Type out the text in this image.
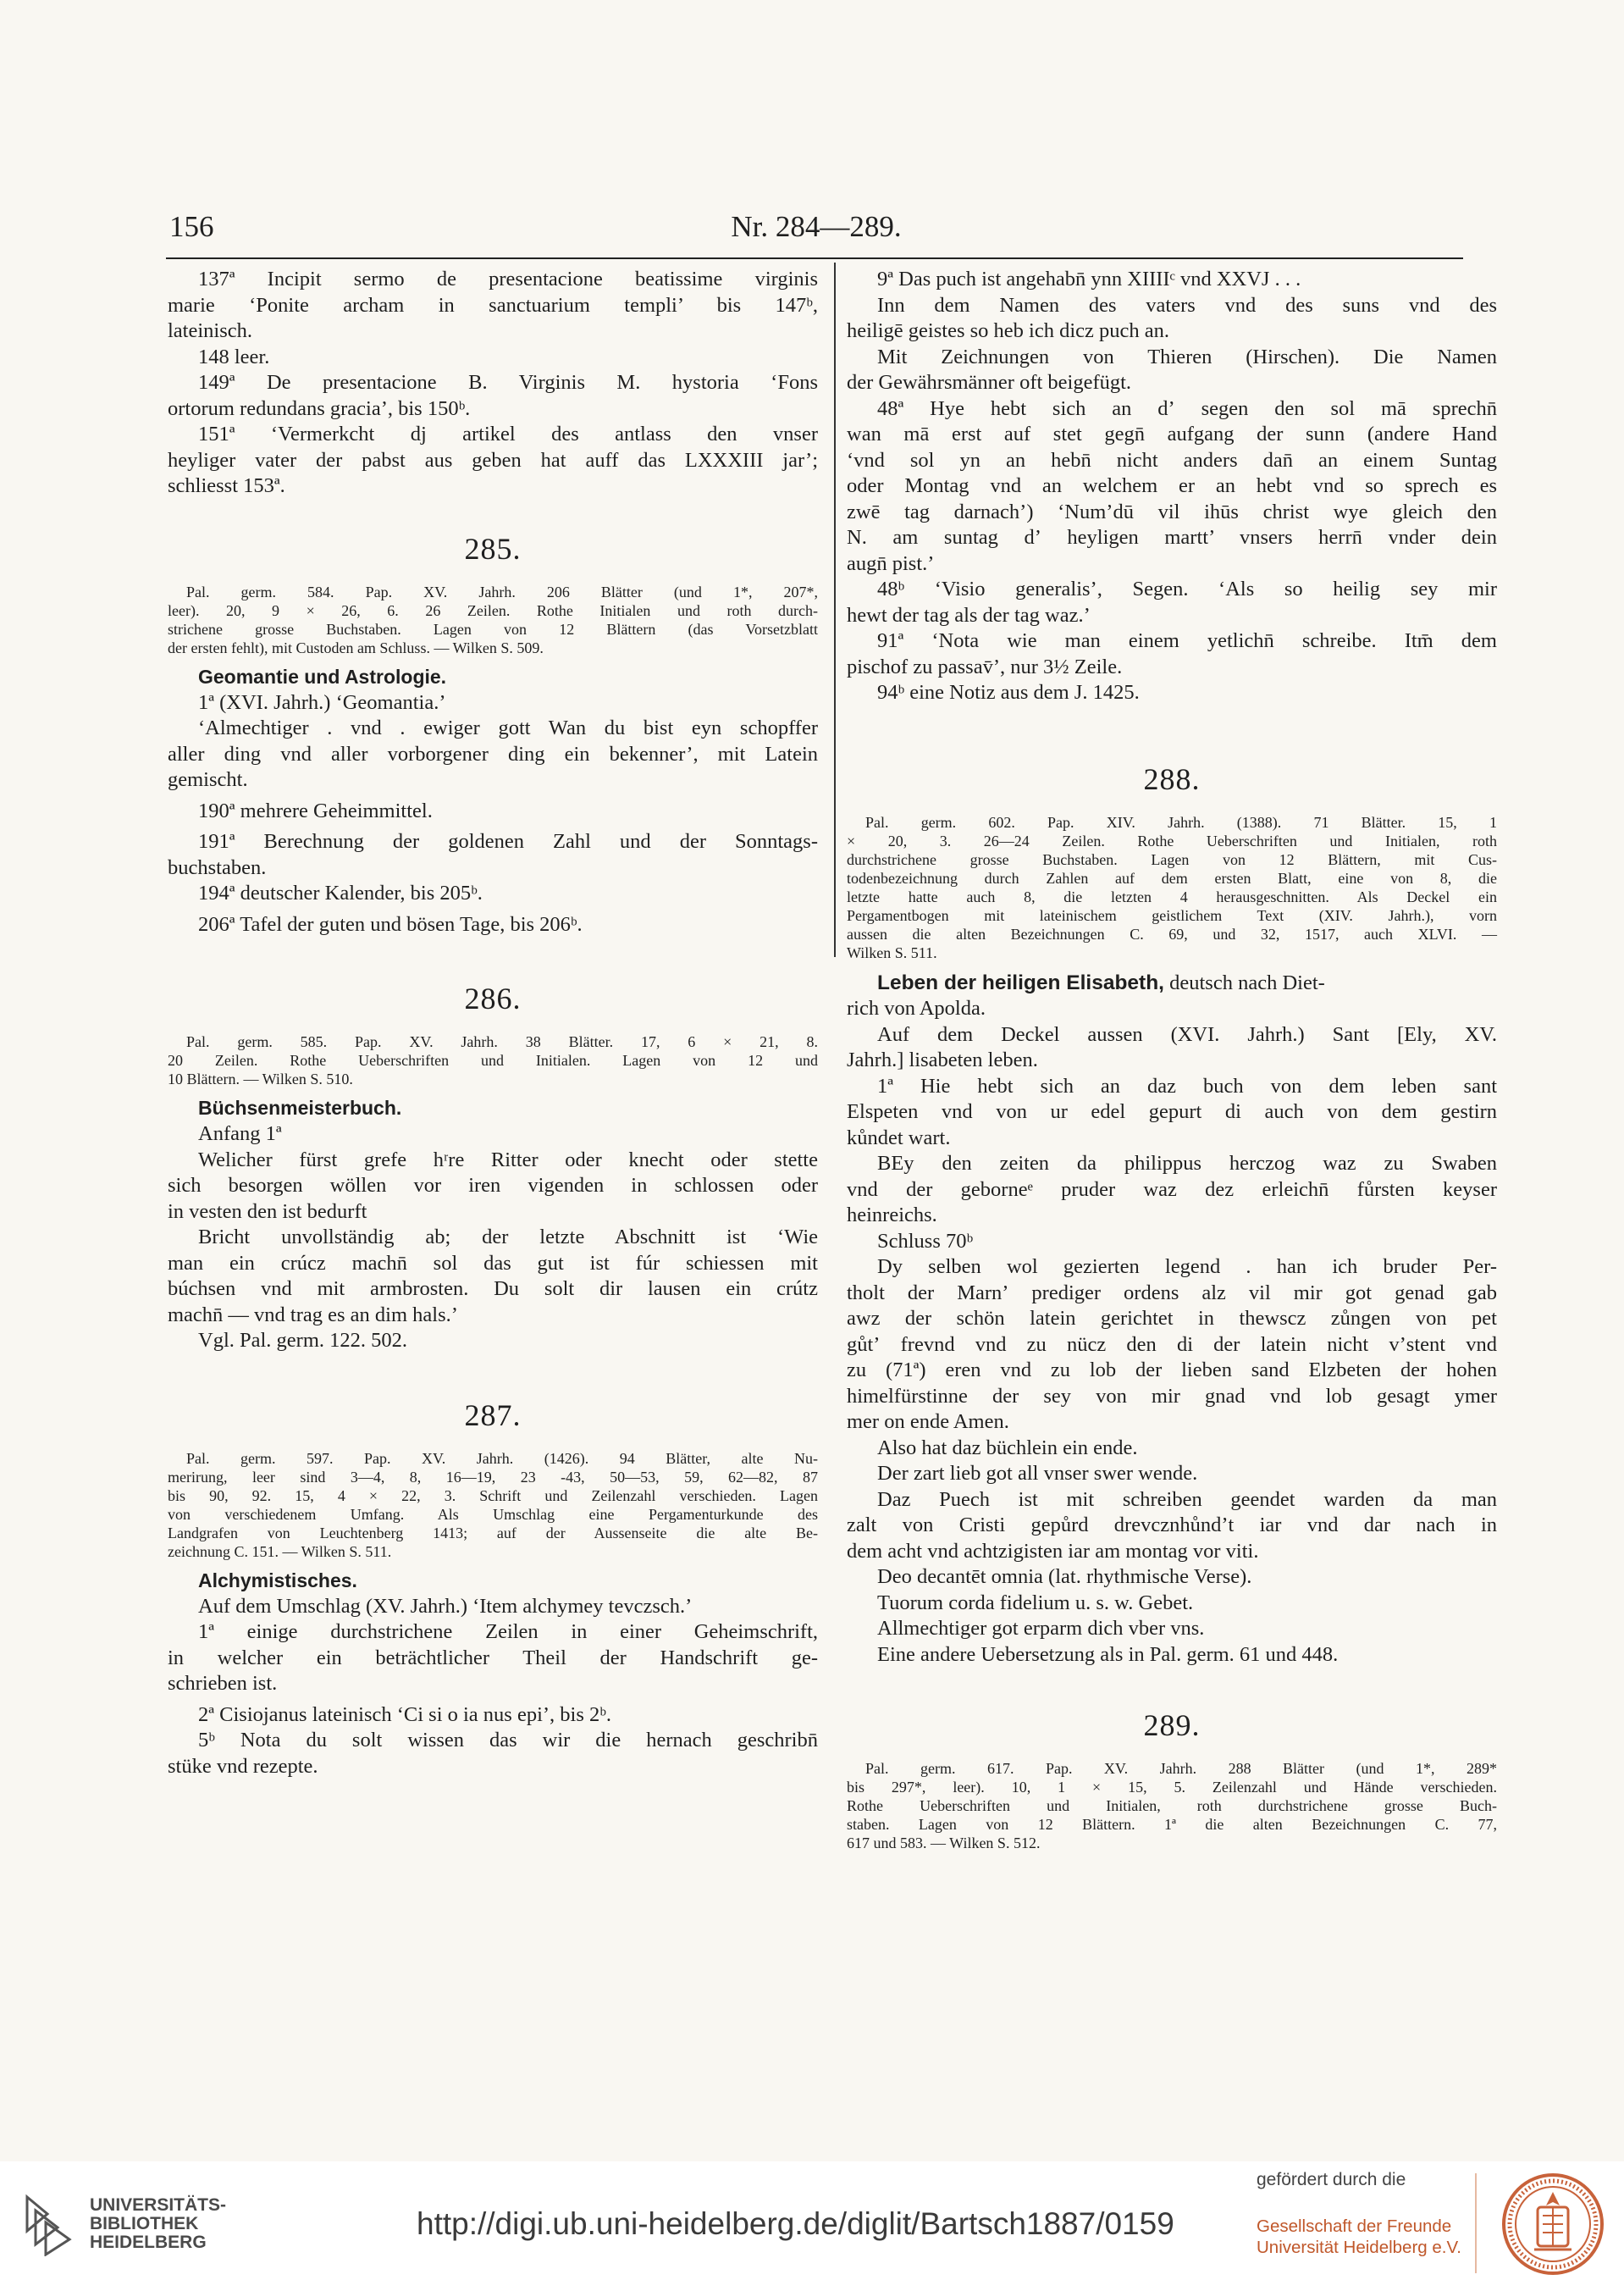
156	Nr. 284—289.
137ª Incipit sermo de presentacione beatissime virginis
marie ‘Ponite archam in sanctuarium templi’ bis 147ᵇ,
lateinisch.
148 leer.
149ª De presentacione B. Virginis M. hystoria ‘Fons
ortorum redundans gracia’, bis 150ᵇ.
151ª ‘Vermerkcht dj artikel des antlass den vnser
heyliger vater der pabst aus geben hat auff das LXXXIII jar’;
schliesst 153ª.
285.
Pal. germ. 584. Pap. XV. Jahrh. 206 Blätter (und 1*, 207*,
leer). 20, 9 × 26, 6. 26 Zeilen. Rothe Initialen und roth durch-
strichene grosse Buchstaben. Lagen von 12 Blättern (das Vorsetzblatt
der ersten fehlt), mit Custoden am Schluss. — Wilken S. 509.
Geomantie und Astrologie.
1ª (XVI. Jahrh.) ‘Geomantia.’
‘Almechtiger . vnd . ewiger gott Wan du bist eyn schopffer
aller ding vnd aller vorborgener ding ein bekenner’, mit Latein
gemischt.
190ª mehrere Geheimmittel.
191ª Berechnung der goldenen Zahl und der Sonntags-
buchstaben.
194ª deutscher Kalender, bis 205ᵇ.
206ª Tafel der guten und bösen Tage, bis 206ᵇ.
286.
Pal. germ. 585. Pap. XV. Jahrh. 38 Blätter. 17, 6 × 21, 8.
20 Zeilen. Rothe Ueberschriften und Initialen. Lagen von 12 und
10 Blättern. — Wilken S. 510.
Büchsenmeisterbuch.
Anfang 1ª
Welicher fürst grefe hʳre Ritter oder knecht oder stette
sich besorgen wöllen vor iren vigenden in schlossen oder
in vesten den ist bedurft
Bricht unvollständig ab; der letzte Abschnitt ist ‘Wie
man ein crúcz machn̄ sol das gut ist fúr schiessen mit
búchsen vnd mit armbrosten. Du solt dir lausen ein crútz
machn̄ — vnd trag es an dim hals.’
Vgl. Pal. germ. 122. 502.
287.
Pal. germ. 597. Pap. XV. Jahrh. (1426). 94 Blätter, alte Nu-
merirung, leer sind 3—4, 8, 16—19, 23 -43, 50—53, 59, 62—82, 87
bis 90, 92. 15, 4 × 22, 3. Schrift und Zeilenzahl verschieden. Lagen
von verschiedenem Umfang. Als Umschlag eine Pergamenturkunde des
Landgrafen von Leuchtenberg 1413; auf der Aussenseite die alte Be-
zeichnung C. 151. — Wilken S. 511.
Alchymistisches.
Auf dem Umschlag (XV. Jahrh.) ‘Item alchymey tevczsch.’
1ª einige durchstrichene Zeilen in einer Geheimschrift,
in welcher ein beträchtlicher Theil der Handschrift ge-
schrieben ist.
2ª Cisiojanus lateinisch ‘Ci si o ia nus epi’, bis 2ᵇ.
5ᵇ Nota du solt wissen das wir die hernach geschribn̄
stüke vnd rezepte.
9ª Das puch ist angehabn̄ ynn XIIIIᶜ vnd XXVJ . . .
Inn dem Namen des vaters vnd des suns vnd des
heiligē geistes so heb ich dicz puch an.
Mit Zeichnungen von Thieren (Hirschen). Die Namen
der Gewährsmänner oft beigefügt.
48ª Hye hebt sich an dʼ segen den sol mā sprechn̄
wan mā erst auf stet gegn̄ aufgang der sunn (andere Hand
‘vnd sol yn an hebn̄ nicht anders dan̄ an einem Suntag
oder Montag vnd an welchem er an hebt vnd so sprech es
zwē tag darnach’) ‘Num’dū vil ihūs christ wye gleich den
N. am suntag dʼ heyligen martt’ vnsers herrn̄ vnder dein
augn̄ pist.’
48ᵇ ‘Visio generalis’, Segen. ‘Als so heilig sey mir
hewt der tag als der tag waz.’
91ª ‘Nota wie man einem yetlichn̄ schreibe. Itm̄ dem
pischof zu passav̄’, nur 3½ Zeile.
94ᵇ eine Notiz aus dem J. 1425.
288.
Pal. germ. 602. Pap. XIV. Jahrh. (1388). 71 Blätter. 15, 1
× 20, 3. 26—24 Zeilen. Rothe Ueberschriften und Initialen, roth
durchstrichene grosse Buchstaben. Lagen von 12 Blättern, mit Cus-
todenbezeichnung durch Zahlen auf dem ersten Blatt, eine von 8, die
letzte hatte auch 8, die letzten 4 herausgeschnitten. Als Deckel ein
Pergamentbogen mit lateinischem geistlichem Text (XIV. Jahrh.), vorn
aussen die alten Bezeichnungen C. 69, und 32, 1517, auch XLVI. —
Wilken S. 511.
Leben der heiligen Elisabeth, deutsch nach Diet-
rich von Apolda.
Auf dem Deckel aussen (XVI. Jahrh.) Sant [Ely, XV.
Jahrh.] lisabeten leben.
1ª Hie hebt sich an daz buch von dem leben sant
Elspeten vnd von ur edel gepurt di auch von dem gestirn
kůndet wart.
BEy den zeiten da philippus herczog waz zu Swaben
vnd der geborneᵉ pruder waz dez erleichn̄ fůrsten keyser
heinreichs.
Schluss 70ᵇ
Dy selben wol gezierten legend . han ich bruder Per-
tholt der Marnʼ prediger ordens alz vil mir got genad gab
awz der schön latein gerichtet in thewscz zůngen von pet
gůtʼ frevnd vnd zu nücz den di der latein nicht vʼstent vnd
zu (71ª) eren vnd zu lob der lieben sand Elzbeten der hohen
himelfürstinne der sey von mir gnad vnd lob gesagt ymer
mer on ende Amen.
Also hat daz büchlein ein ende.
Der zart lieb got all vnser swer wende.
Daz Puech ist mit schreiben geendet warden da man
zalt von Cristi gepůrd drevcznhůndʼt iar vnd dar nach in
dem acht vnd achtzigisten iar am montag vor viti.
Deo decantēt omnia (lat. rhythmische Verse).
Tuorum corda fidelium u. s. w. Gebet.
Allmechtiger got erparm dich vber vns.
Eine andere Uebersetzung als in Pal. germ. 61 und 448.
289.
Pal. germ. 617. Pap. XV. Jahrh. 288 Blätter (und 1*, 289*
bis 297*, leer). 10, 1 × 15, 5. Zeilenzahl und Hände verschieden.
Rothe Ueberschriften und Initialen, roth durchstrichene grosse Buch-
staben. Lagen von 12 Blättern. 1ª die alten Bezeichnungen C. 77,
617 und 583. — Wilken S. 512.
UNIVERSITÄTS-
BIBLIOTHEK
HEIDELBERG
http://digi.ub.uni-heidelberg.de/diglit/Bartsch1887/0159
gefördert durch die
Gesellschaft der Freunde
Universität Heidelberg e.V.
